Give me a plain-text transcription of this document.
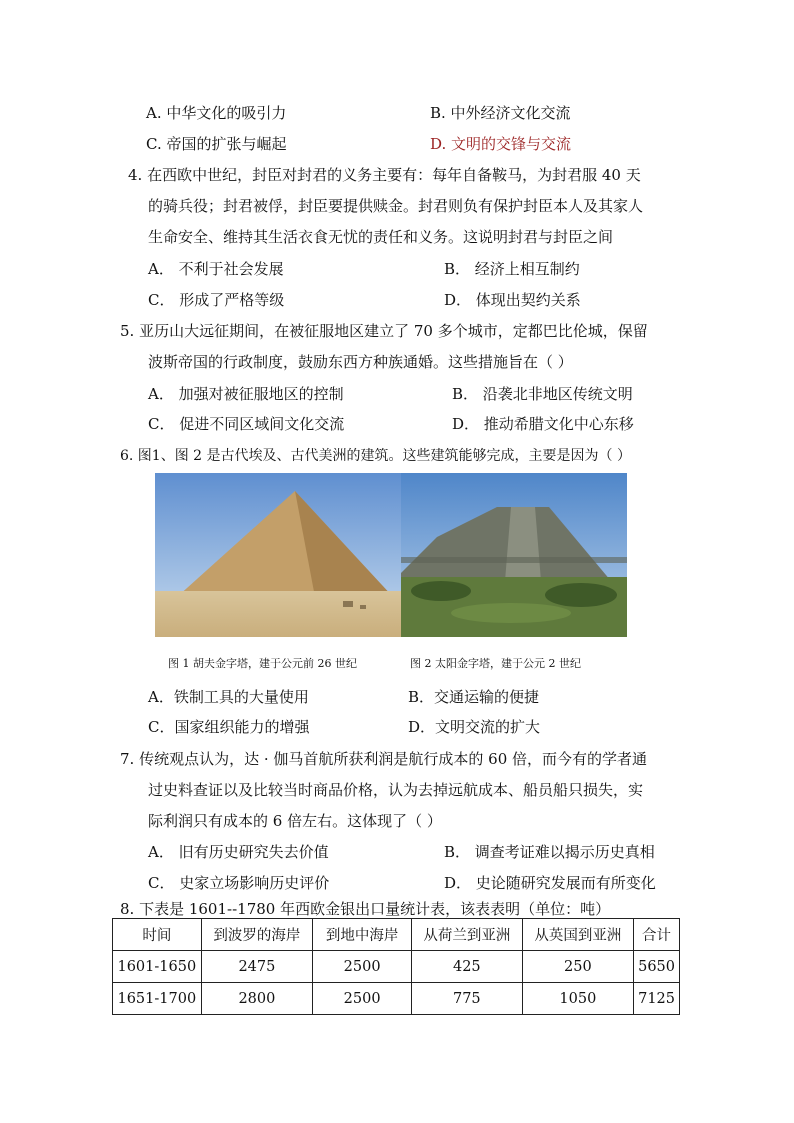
A. 中华文化的吸引力	B. 中外经济文化交流
C. 帝国的扩张与崛起	D. 文明的交锋与交流
4. 在西欧中世纪，封臣对封君的义务主要有：每年自备鞍马，为封君服 40 天
的骑兵役；封君被俘，封臣要提供赎金。封君则负有保护封臣本人及其家人
生命安全、维持其生活衣食无忧的责任和义务。这说明封君与封臣之间
A． 不利于社会发展	B． 经济上相互制约
C． 形成了严格等级	D． 体现出契约关系
5. 亚历山大远征期间，在被征服地区建立了 70 多个城市，定都巴比伦城，保留
波斯帝国的行政制度，鼓励东西方种族通婚。这些措施旨在（ ）
A． 加强对被征服地区的控制	B． 沿袭北非地区传统文明
C． 促进不同区域间文化交流	D． 推动希腊文化中心东移
6. 图1、图 2 是古代埃及、古代美洲的建筑。这些建筑能够完成，主要是因为（ ）
图 1 胡夫金字塔，建于公元前 26 世纪	图 2 太阳金字塔，建于公元 2 世纪
A．铁制工具的大量使用	B．交通运输的便捷
C．国家组织能力的增强	D．文明交流的扩大
7. 传统观点认为，达 · 伽马首航所获利润是航行成本的 60 倍，而今有的学者通
过史料查证以及比较当时商品价格，认为去掉远航成本、船员船只损失，实
际利润只有成本的 6 倍左右。这体现了（ ）
A． 旧有历史研究失去价值	B． 调查考证难以揭示历史真相
C． 史家立场影响历史评价	D． 史论随研究发展而有所变化
8. 下表是 1601--1780 年西欧金银出口量统计表，该表表明（单位：吨）
时间	到波罗的海岸	到地中海岸	从荷兰到亚洲	从英国到亚洲	合计
1601-1650	2475	2500	425	250	5650
1651-1700	2800	2500	775	1050	7125
